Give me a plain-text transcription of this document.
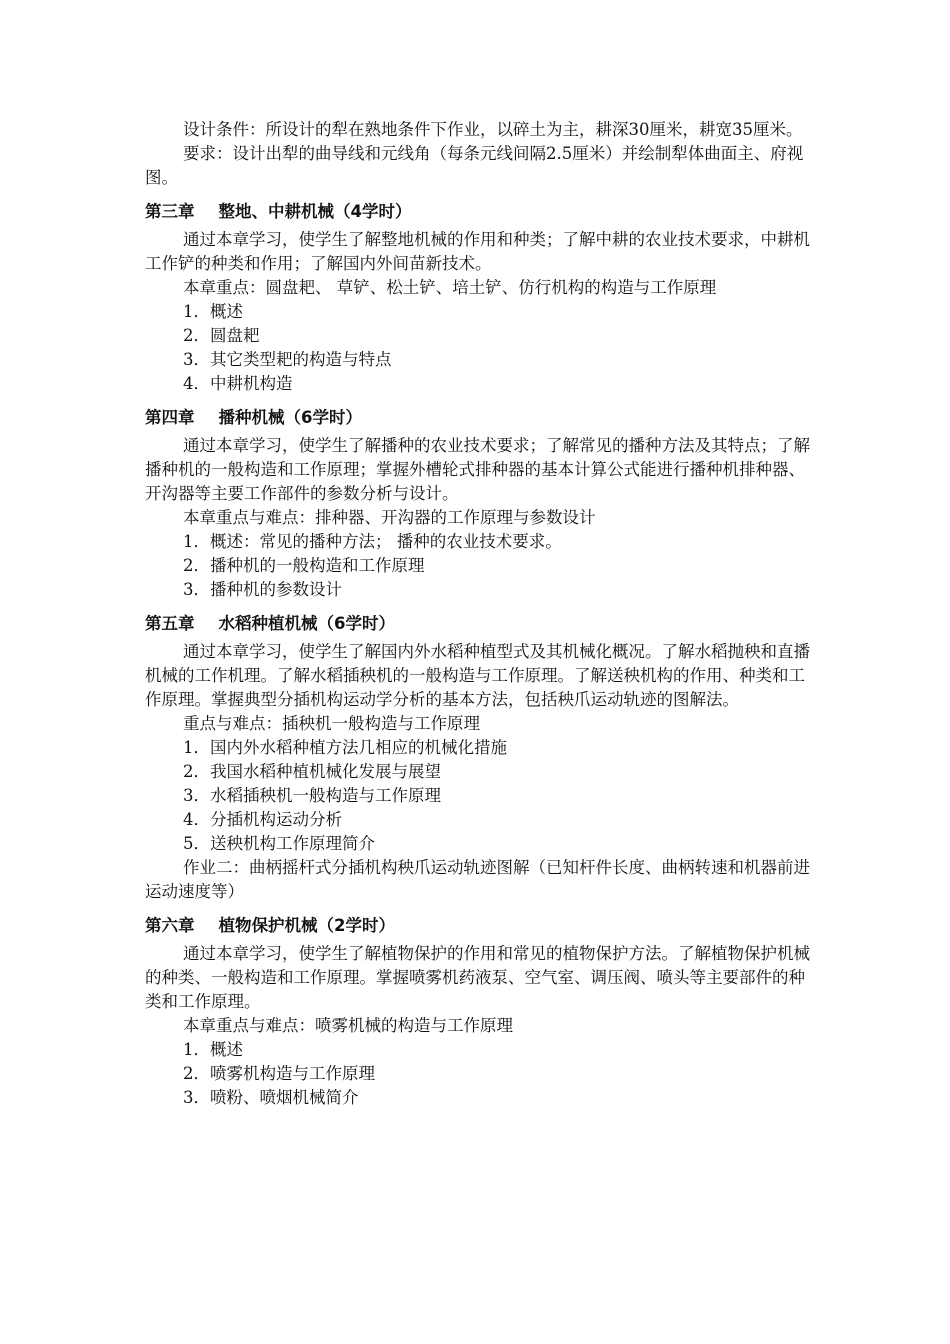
设计条件：所设计的犁在熟地条件下作业，以碎土为主，耕深30厘米，耕宽35厘米。

要求：设计出犁的曲导线和元线角（每条元线间隔2.5厘米）并绘制犁体曲面主、府视图。

第三章 整地、中耕机械（4学时）

通过本章学习，使学生了解整地机械的作用和种类；了解中耕的农业技术要求，中耕机工作铲的种类和作用；了解国内外间苗新技术。

本章重点：圆盘耙、 草铲、松土铲、培土铲、仿行机构的构造与工作原理

1．概述

2．圆盘耙

3．其它类型耙的构造与特点

4．中耕机构造

第四章 播种机械（6学时）

通过本章学习，使学生了解播种的农业技术要求；了解常见的播种方法及其特点；了解播种机的一般构造和工作原理；掌握外槽轮式排种器的基本计算公式能进行播种机排种器、开沟器等主要工作部件的参数分析与设计。

本章重点与难点：排种器、开沟器的工作原理与参数设计

1．概述：常见的播种方法； 播种的农业技术要求。

2．播种机的一般构造和工作原理

3．播种机的参数设计

第五章 水稻种植机械（6学时）

通过本章学习，使学生了解国内外水稻种植型式及其机械化概况。了解水稻抛秧和直播机械的工作机理。了解水稻插秧机的一般构造与工作原理。了解送秧机构的作用、种类和工作原理。掌握典型分插机构运动学分析的基本方法，包括秧爪运动轨迹的图解法。

重点与难点：插秧机一般构造与工作原理

1．国内外水稻种植方法几相应的机械化措施

2．我国水稻种植机械化发展与展望

3．水稻插秧机一般构造与工作原理

4．分插机构运动分析

5．送秧机构工作原理简介

作业二：曲柄摇杆式分插机构秧爪运动轨迹图解（已知杆件长度、曲柄转速和机器前进运动速度等）

第六章 植物保护机械（2学时）

通过本章学习，使学生了解植物保护的作用和常见的植物保护方法。了解植物保护机械的种类、一般构造和工作原理。掌握喷雾机药液泵、空气室、调压阀、喷头等主要部件的种类和工作原理。

本章重点与难点：喷雾机械的构造与工作原理

1．概述

2．喷雾机构造与工作原理

3．喷粉、喷烟机械简介
